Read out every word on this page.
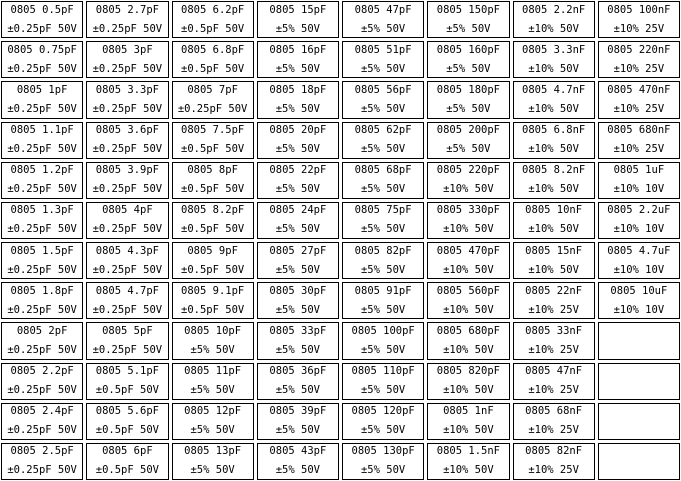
0805 0.5pF
±0.25pF 50V
0805 2.7pF
±0.25pF 50V
0805 6.2pF
±0.5pF 50V
0805 15pF
±5% 50V
0805 47pF
±5% 50V
0805 150pF
±5% 50V
0805 2.2nF
±10% 50V
0805 100nF
±10% 25V
0805 0.75pF
±0.25pF 50V
0805 3pF
±0.25pF 50V
0805 6.8pF
±0.5pF 50V
0805 16pF
±5% 50V
0805 51pF
±5% 50V
0805 160pF
±5% 50V
0805 3.3nF
±10% 50V
0805 220nF
±10% 25V
0805 1pF
±0.25pF 50V
0805 3.3pF
±0.25pF 50V
0805 7pF
±0.25pF 50V
0805 18pF
±5% 50V
0805 56pF
±5% 50V
0805 180pF
±5% 50V
0805 4.7nF
±10% 50V
0805 470nF
±10% 25V
0805 1.1pF
±0.25pF 50V
0805 3.6pF
±0.25pF 50V
0805 7.5pF
±0.5pF 50V
0805 20pF
±5% 50V
0805 62pF
±5% 50V
0805 200pF
±5% 50V
0805 6.8nF
±10% 50V
0805 680nF
±10% 25V
0805 1.2pF
±0.25pF 50V
0805 3.9pF
±0.25pF 50V
0805 8pF
±0.5pF 50V
0805 22pF
±5% 50V
0805 68pF
±5% 50V
0805 220pF
±10% 50V
0805 8.2nF
±10% 50V
0805 1uF
±10% 10V
0805 1.3pF
±0.25pF 50V
0805 4pF
±0.25pF 50V
0805 8.2pF
±0.5pF 50V
0805 24pF
±5% 50V
0805 75pF
±5% 50V
0805 330pF
±10% 50V
0805 10nF
±10% 50V
0805 2.2uF
±10% 10V
0805 1.5pF
±0.25pF 50V
0805 4.3pF
±0.25pF 50V
0805 9pF
±0.5pF 50V
0805 27pF
±5% 50V
0805 82pF
±5% 50V
0805 470pF
±10% 50V
0805 15nF
±10% 50V
0805 4.7uF
±10% 10V
0805 1.8pF
±0.25pF 50V
0805 4.7pF
±0.25pF 50V
0805 9.1pF
±0.5pF 50V
0805 30pF
±5% 50V
0805 91pF
±5% 50V
0805 560pF
±10% 50V
0805 22nF
±10% 25V
0805 10uF
±10% 10V
0805 2pF
±0.25pF 50V
0805 5pF
±0.25pF 50V
0805 10pF
±5% 50V
0805 33pF
±5% 50V
0805 100pF
±5% 50V
0805 680pF
±10% 50V
0805 33nF
±10% 25V
0805 2.2pF
±0.25pF 50V
0805 5.1pF
±0.5pF 50V
0805 11pF
±5% 50V
0805 36pF
±5% 50V
0805 110pF
±5% 50V
0805 820pF
±10% 50V
0805 47nF
±10% 25V
0805 2.4pF
±0.25pF 50V
0805 5.6pF
±0.5pF 50V
0805 12pF
±5% 50V
0805 39pF
±5% 50V
0805 120pF
±5% 50V
0805 1nF
±10% 50V
0805 68nF
±10% 25V
0805 2.5pF
±0.25pF 50V
0805 6pF
±0.5pF 50V
0805 13pF
±5% 50V
0805 43pF
±5% 50V
0805 130pF
±5% 50V
0805 1.5nF
±10% 50V
0805 82nF
±10% 25V
